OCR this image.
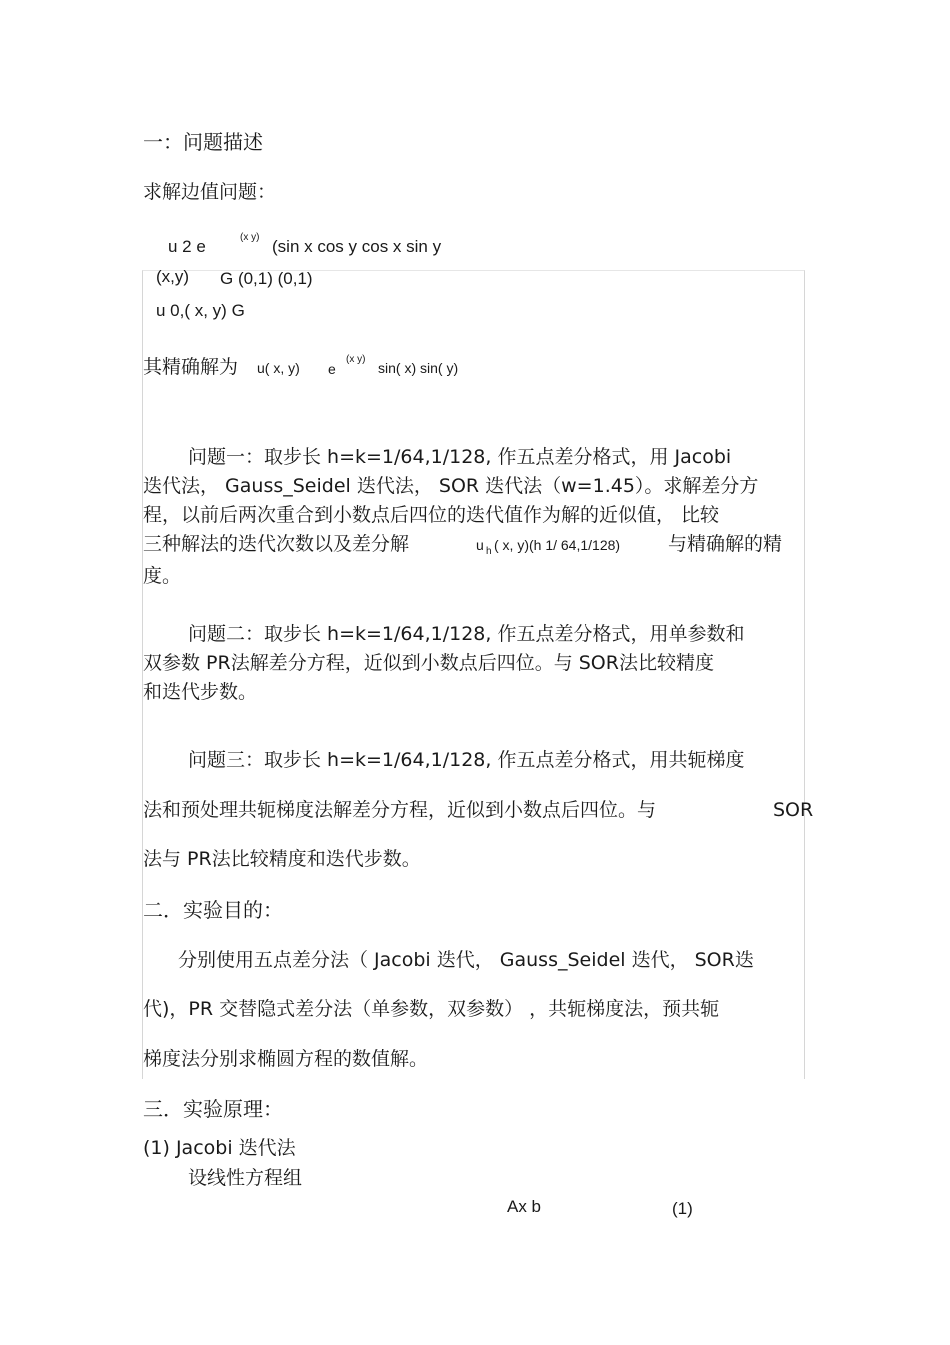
一：问题描述
求解边值问题：
u 2 e	(x y) (sin x cos y cos x sin y
(x,y) G (0,1) (0,1)
u 0,( x, y) G
其精确解为 u( x, y) e
(x y)
sin( x) sin( y)
问题一：取步长 h=k=1/64,1/128, 作五点差分格式，用 Jacobi
迭代法， Gauss_Seidel 迭代法， SOR 迭代法（w=1.45）。求解差分方
程，以前后两次重合到小数点后四位的迭代值作为解的近似值， 比较
三种解法的迭代次数以及差分解	u h ( x, y)(h 1/ 64,1/128)	与精确解的精
度。
问题二：取步长 h=k=1/64,1/128, 作五点差分格式，用单参数和
双参数 PR法解差分方程，近似到小数点后四位。与 SOR法比较精度
和迭代步数。
问题三：取步长 h=k=1/64,1/128, 作五点差分格式，用共轭梯度
法和预处理共轭梯度法解差分方程，近似到小数点后四位。与	SOR
法与 PR法比较精度和迭代步数。
二．实验目的：
分别使用五点差分法（ Jacobi 迭代， Gauss_Seidel 迭代， SOR迭
代)，PR 交替隐式差分法（单参数，双参数） ，共轭梯度法，预共轭
梯度法分别求椭圆方程的数值解。
三．实验原理：
(1) Jacobi 迭代法
设线性方程组
Ax b	(1)
